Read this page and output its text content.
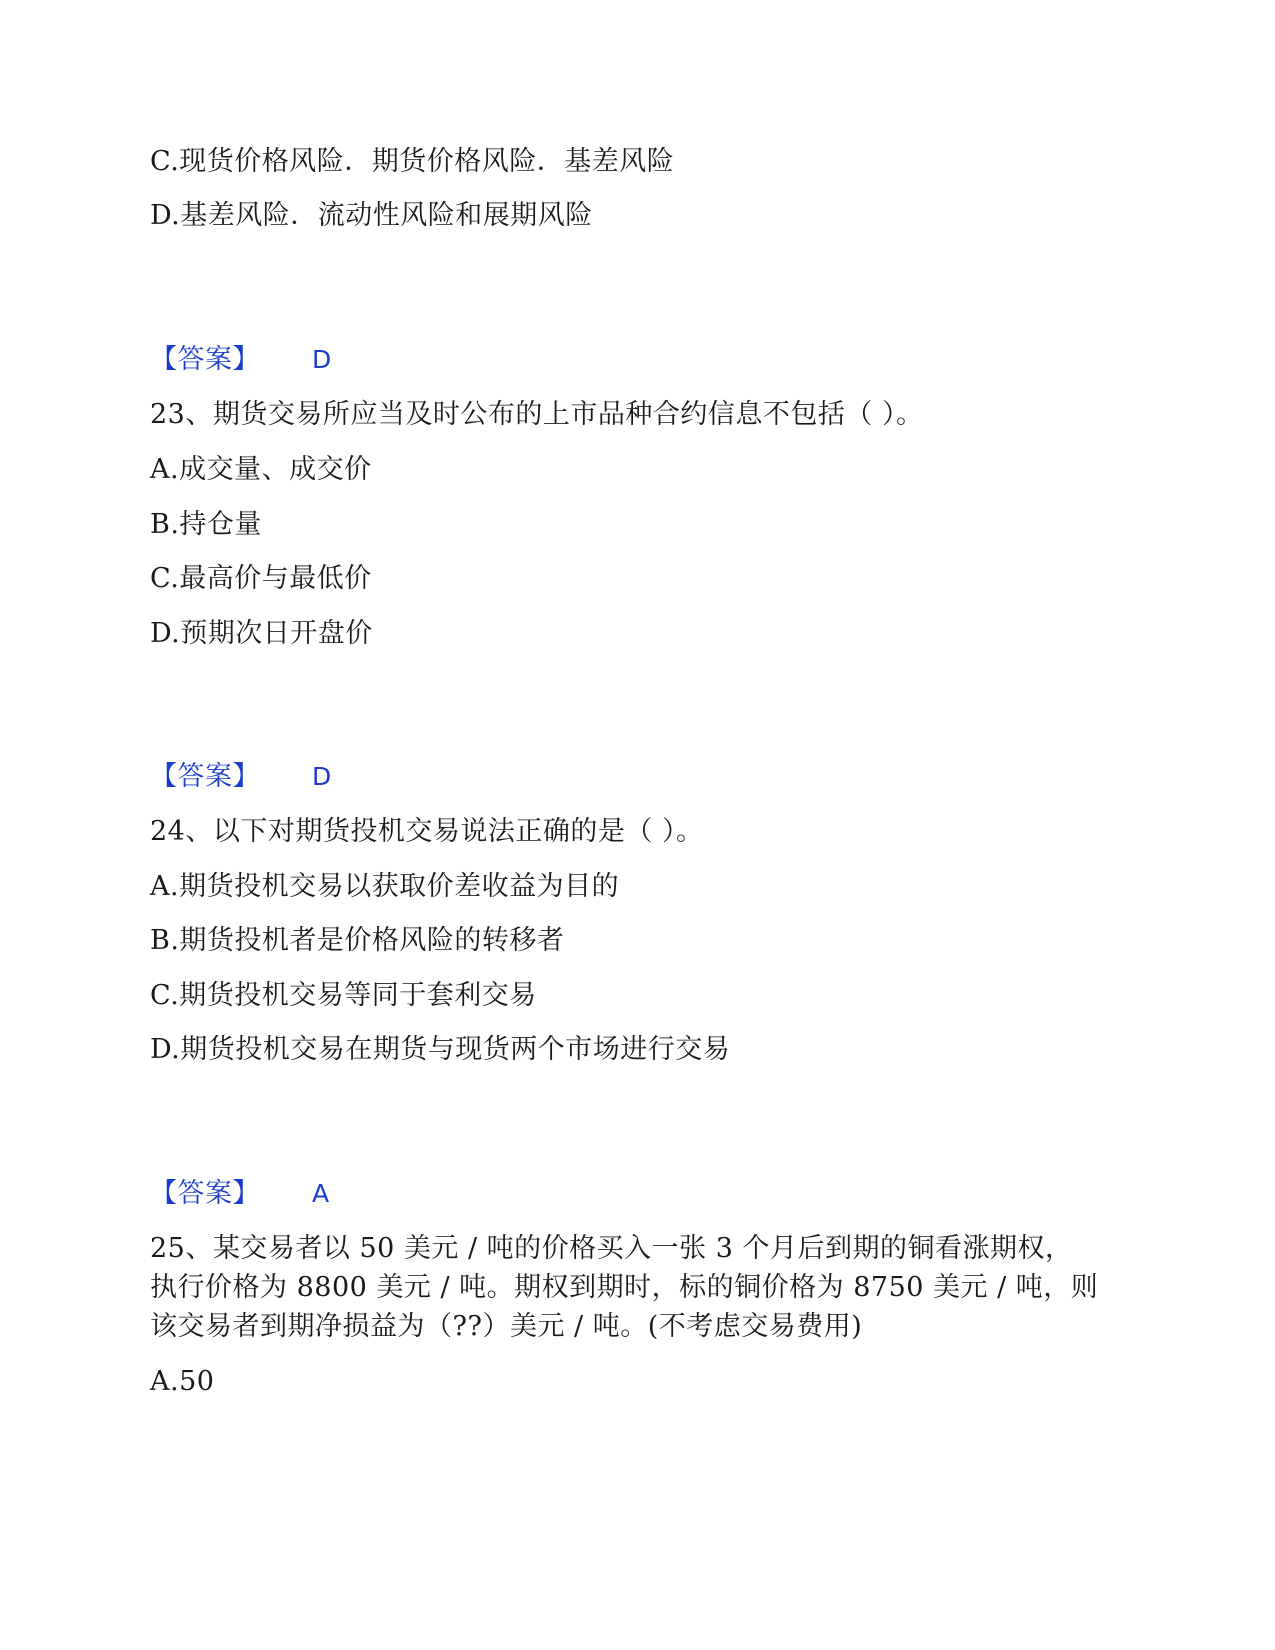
C.现货价格风险．期货价格风险．基差风险
D.基差风险．流动性风险和展期风险
【答案】 D
23、期货交易所应当及时公布的上市品种合约信息不包括（ ）。
A.成交量、成交价
B.持仓量
C.最高价与最低价
D.预期次日开盘价
【答案】 D
24、以下对期货投机交易说法正确的是（ ）。
A.期货投机交易以获取价差收益为目的
B.期货投机者是价格风险的转移者
C.期货投机交易等同于套利交易
D.期货投机交易在期货与现货两个市场进行交易
【答案】 A
25、某交易者以 50 美元 / 吨的价格买入一张 3 个月后到期的铜看涨期权，
执行价格为 8800 美元 / 吨。期权到期时，标的铜价格为 8750 美元 / 吨，则
该交易者到期净损益为（??）美元 / 吨。(不考虑交易费用)
A.50
